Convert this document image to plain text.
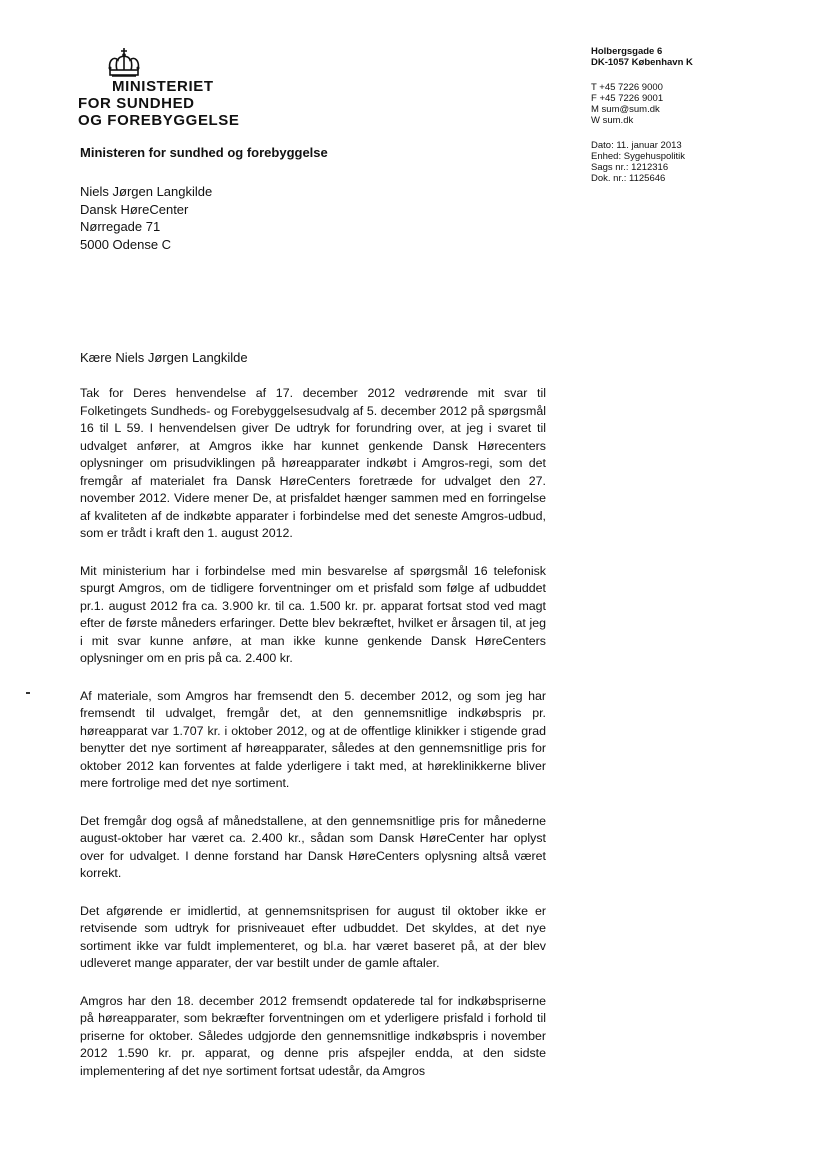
MINISTERIET
FOR SUNDHED
OG FOREBYGGELSE
Ministeren for sundhed og forebyggelse
Niels Jørgen Langkilde
Dansk HøreCenter
Nørregade 71
5000 Odense C
Holbergsgade 6
DK-1057 København K
T +45 7226 9000
F +45 7226 9001
M sum@sum.dk
W sum.dk
Dato: 11. januar 2013
Enhed: Sygehuspolitik
Sags nr.: 1212316
Dok. nr.: 1125646
Kære Niels Jørgen Langkilde

Tak for Deres henvendelse af 17. december 2012 vedrørende mit svar til Folketingets Sundheds- og Forebyggelsesudvalg af 5. december 2012 på spørgsmål 16 til L 59. I henvendelsen giver De udtryk for forundring over, at jeg i svaret til udvalget anfører, at Amgros ikke har kunnet genkende Dansk Hørecenters oplysninger om prisudviklingen på høreapparater indkøbt i Amgros-regi, som det fremgår af materialet fra Dansk HøreCenters foretræde for udvalget den 27. november 2012. Videre mener De, at prisfaldet hænger sammen med en forringelse af kvaliteten af de indkøbte apparater i forbindelse med det seneste Amgros-udbud, som er trådt i kraft den 1. august 2012.

Mit ministerium har i forbindelse med min besvarelse af spørgsmål 16 telefonisk spurgt Amgros, om de tidligere forventninger om et prisfald som følge af udbuddet pr.1. august 2012 fra ca. 3.900 kr. til ca. 1.500 kr. pr. apparat fortsat stod ved magt efter de første måneders erfaringer. Dette blev bekræftet, hvilket er årsagen til, at jeg i mit svar kunne anføre, at man ikke kunne genkende Dansk HøreCenters oplysninger om en pris på ca. 2.400 kr.

Af materiale, som Amgros har fremsendt den 5. december 2012, og som jeg har fremsendt til udvalget, fremgår det, at den gennemsnitlige indkøbspris pr. høreapparat var 1.707 kr. i oktober 2012, og at de offentlige klinikker i stigende grad benytter det nye sortiment af høreapparater, således at den gennemsnitlige pris for oktober 2012 kan forventes at falde yderligere i takt med, at høreklinikkerne bliver mere fortrolige med det nye sortiment.

Det fremgår dog også af månedstallene, at den gennemsnitlige pris for månederne august-oktober har været ca. 2.400 kr., sådan som Dansk HøreCenter har oplyst over for udvalget. I denne forstand har Dansk HøreCenters oplysning altså været korrekt.

Det afgørende er imidlertid, at gennemsnitsprisen for august til oktober ikke er retvisende som udtryk for prisniveauet efter udbuddet. Det skyldes, at det nye sortiment ikke var fuldt implementeret, og bl.a. har været baseret på, at der blev udleveret mange apparater, der var bestilt under de gamle aftaler.

Amgros har den 18. december 2012 fremsendt opdaterede tal for indkøbspriserne på høreapparater, som bekræfter forventningen om et yderligere prisfald i forhold til priserne for oktober. Således udgjorde den gennemsnitlige indkøbspris i november 2012 1.590 kr. pr. apparat, og denne pris afspejler endda, at den sidste implementering af det nye sortiment fortsat udestår, da Amgros
